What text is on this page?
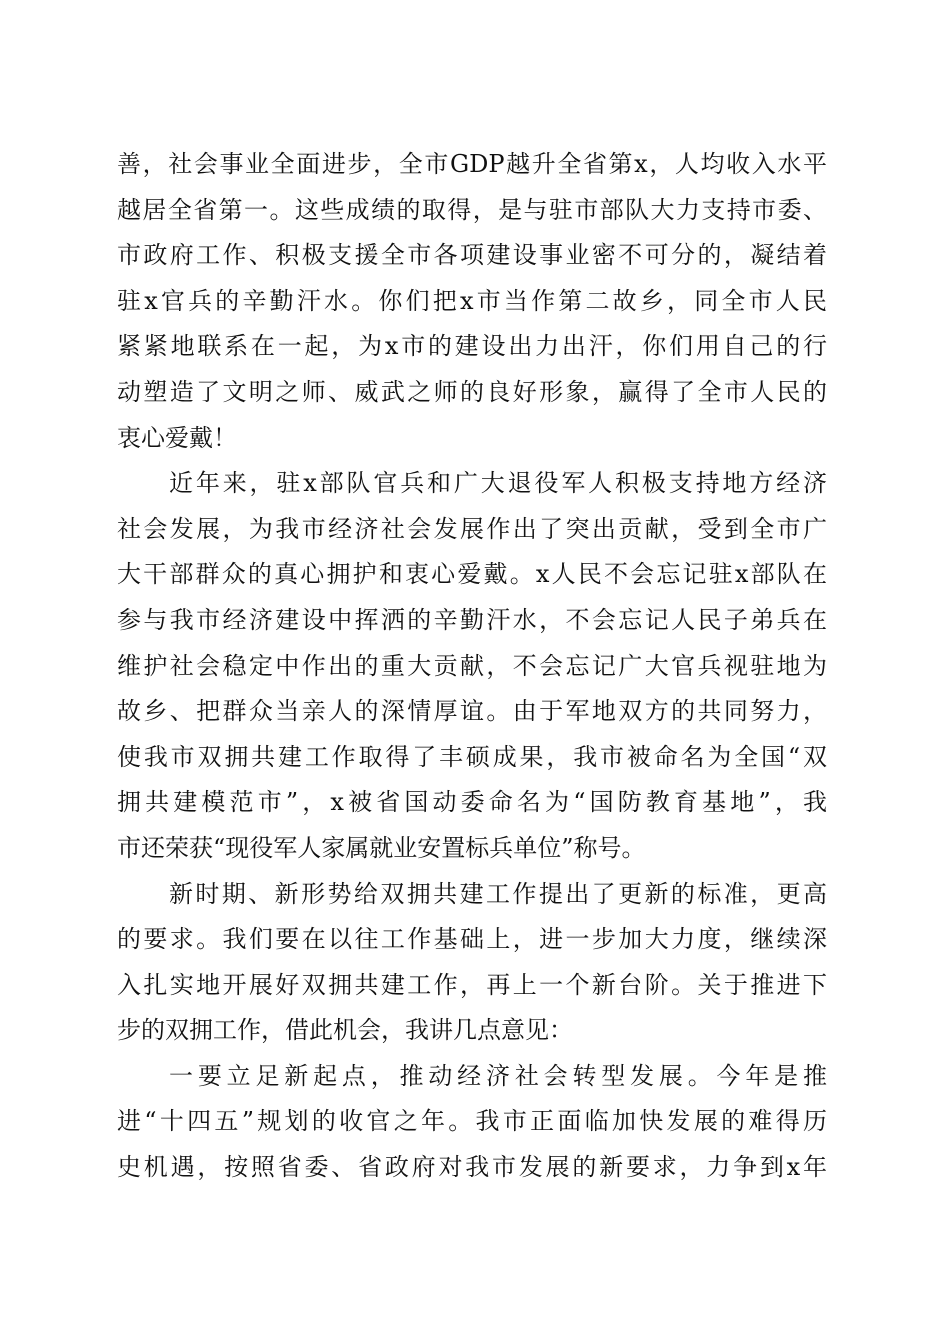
善，社会事业全面进步，全市GDP越升全省第x，人均收入水平
越居全省第一。这些成绩的取得，是与驻市部队大力支持市委、
市政府工作、积极支援全市各项建设事业密不可分的，凝结着
驻x官兵的辛勤汗水。你们把x市当作第二故乡，同全市人民
紧紧地联系在一起，为x市的建设出力出汗，你们用自己的行
动塑造了文明之师、威武之师的良好形象，赢得了全市人民的
衷心爱戴！
近年来，驻x部队官兵和广大退役军人积极支持地方经济
社会发展，为我市经济社会发展作出了突出贡献，受到全市广
大干部群众的真心拥护和衷心爱戴。x人民不会忘记驻x部队在
参与我市经济建设中挥洒的辛勤汗水，不会忘记人民子弟兵在
维护社会稳定中作出的重大贡献，不会忘记广大官兵视驻地为
故乡、把群众当亲人的深情厚谊。由于军地双方的共同努力，
使我市双拥共建工作取得了丰硕成果，我市被命名为全国“双
拥共建模范市”，x被省国动委命名为“国防教育基地”，我
市还荣获“现役军人家属就业安置标兵单位”称号。
新时期、新形势给双拥共建工作提出了更新的标准，更高
的要求。我们要在以往工作基础上，进一步加大力度，继续深
入扎实地开展好双拥共建工作，再上一个新台阶。关于推进下
步的双拥工作，借此机会，我讲几点意见：
一要立足新起点，推动经济社会转型发展。今年是推
进“十四五”规划的收官之年。我市正面临加快发展的难得历
史机遇，按照省委、省政府对我市发展的新要求，力争到x年
